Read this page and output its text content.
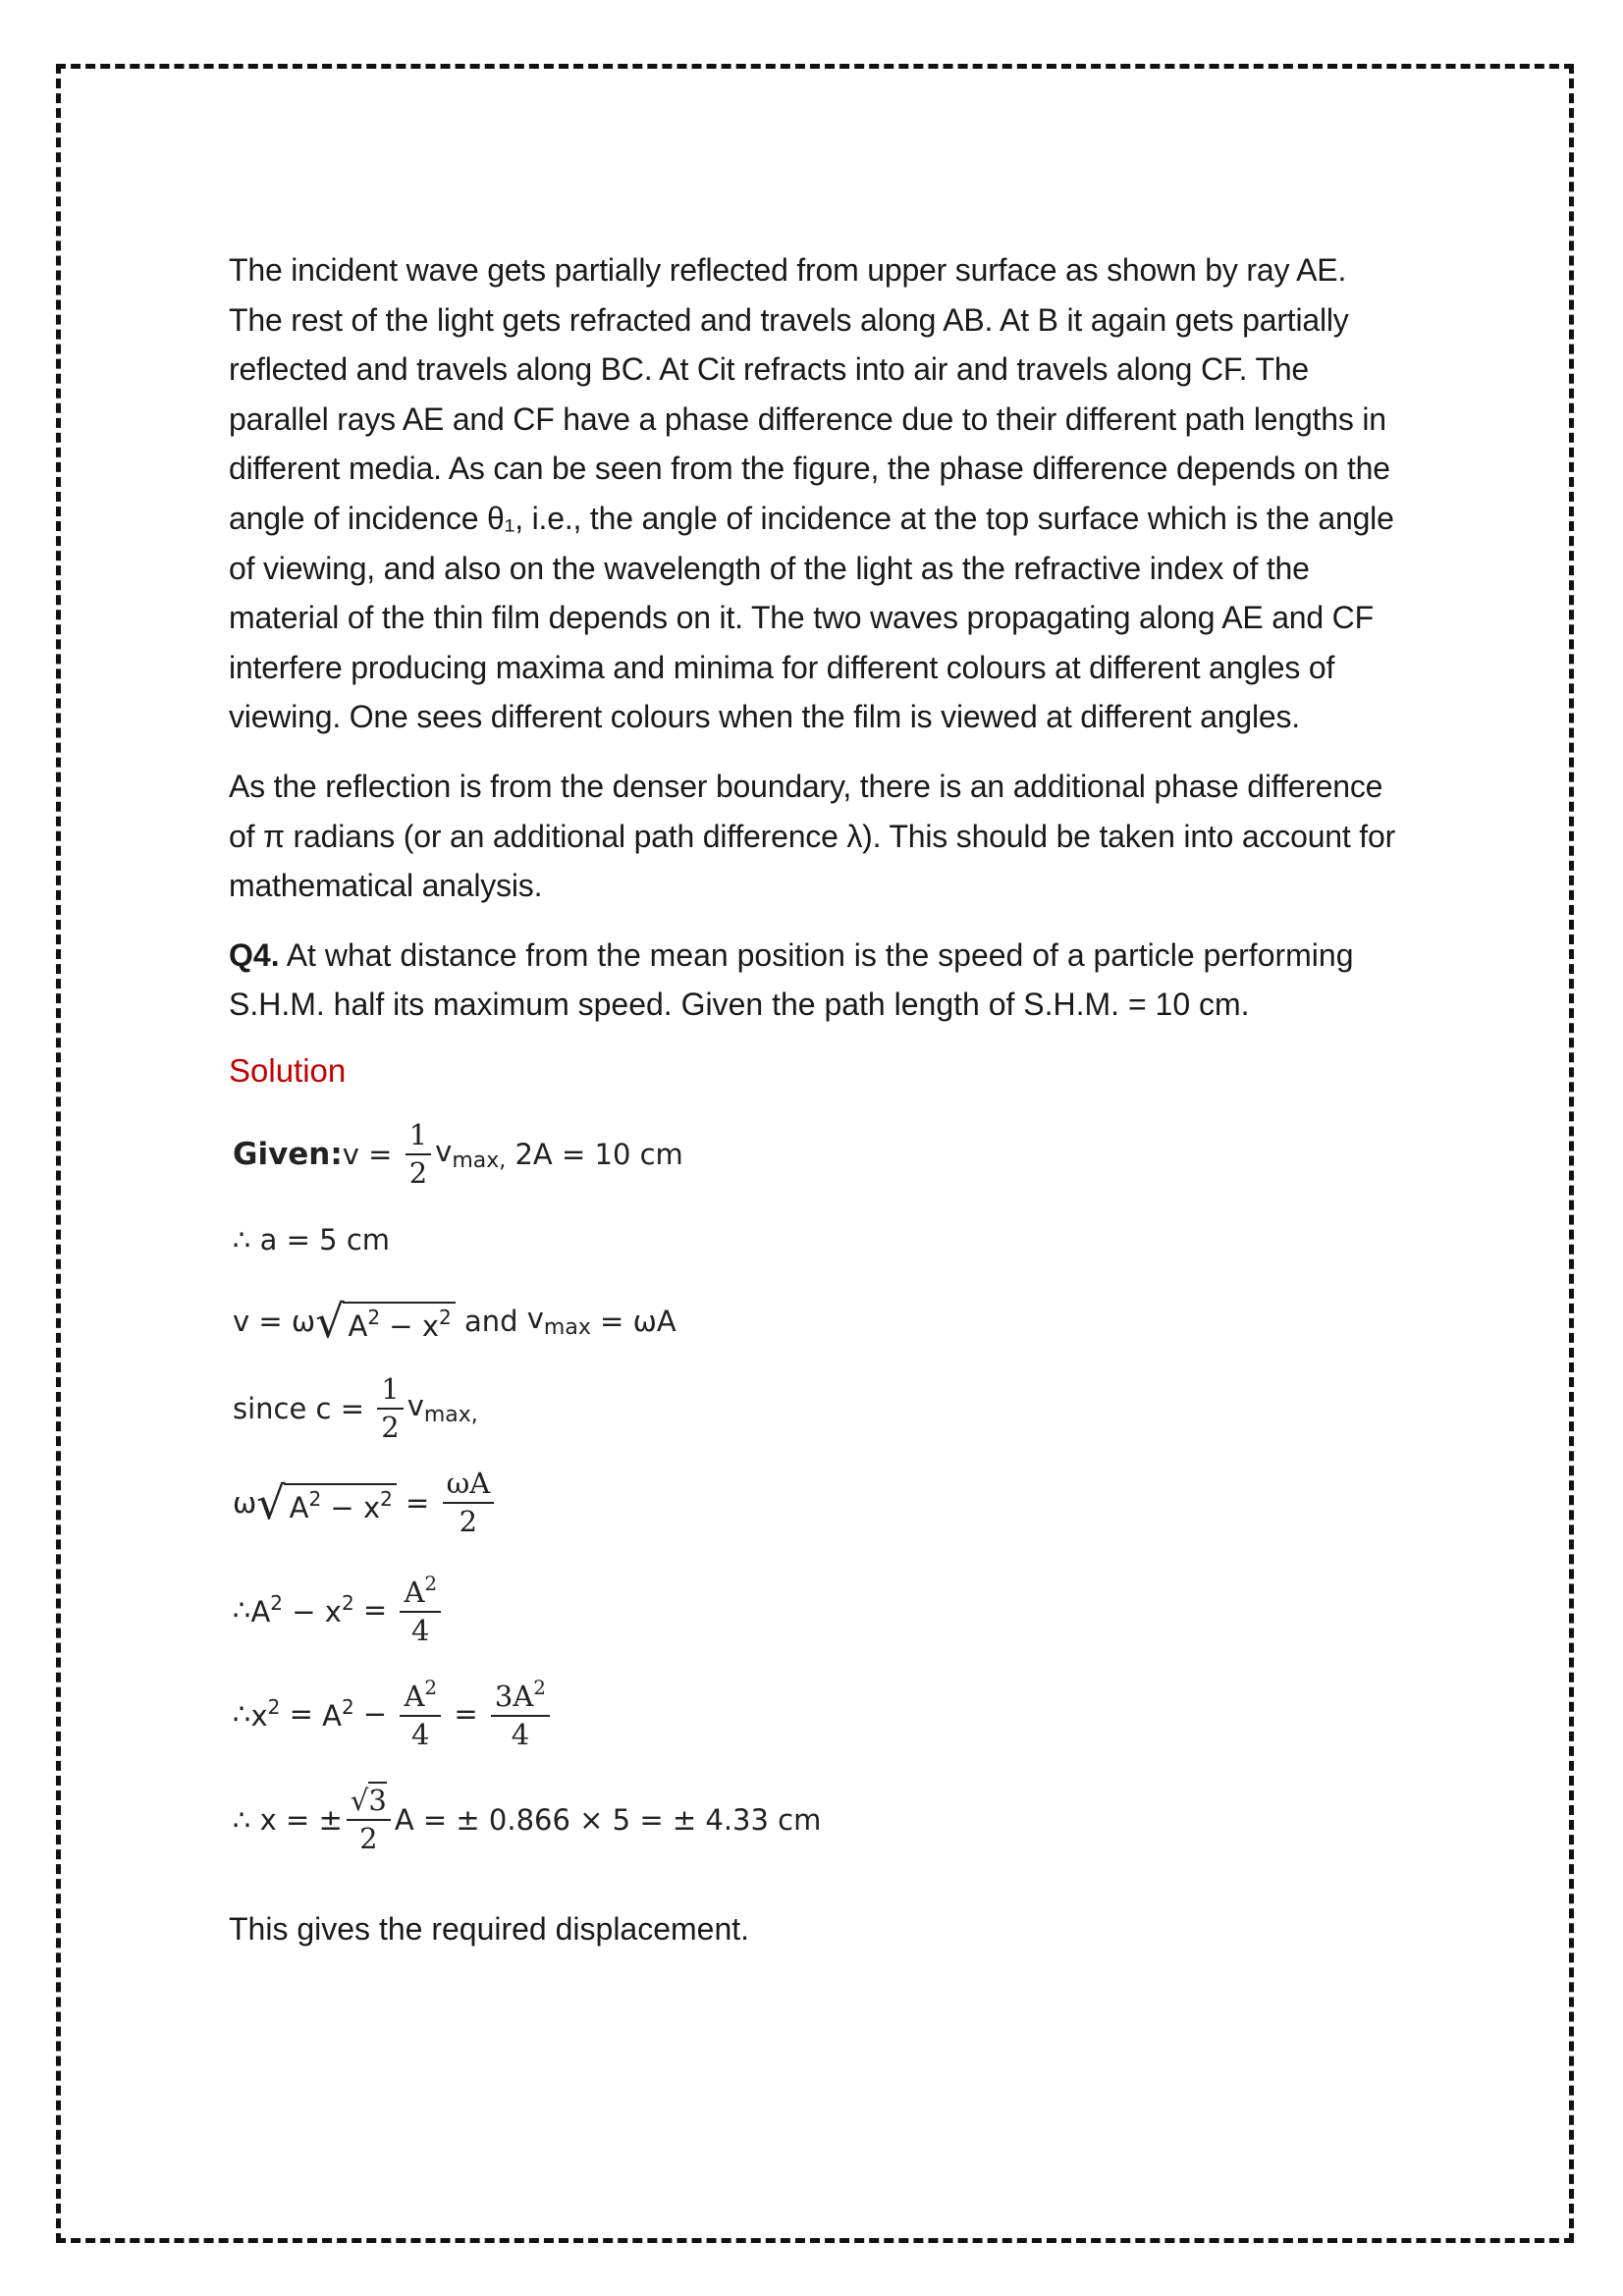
The incident wave gets partially reflected from upper surface as shown by ray AE. The rest of the light gets refracted and travels along AB. At B it again gets partially reflected and travels along BC. At Cit refracts into air and travels along CF. The parallel rays AE and CF have a phase difference due to their different path lengths in different media. As can be seen from the figure, the phase difference depends on the angle of incidence θ₁, i.e., the angle of incidence at the top surface which is the angle of viewing, and also on the wavelength of the light as the refractive index of the material of the thin film depends on it. The two waves propagating along AE and CF interfere producing maxima and minima for different colours at different angles of viewing. One sees different colours when the film is viewed at different angles.

As the reflection is from the denser boundary, there is an additional phase difference of π radians (or an additional path difference λ). This should be taken into account for mathematical analysis.

Q4. At what distance from the mean position is the speed of a particle performing S.H.M. half its maximum speed. Given the path length of S.H.M. = 10 cm.

Solution
Given: $v = \frac{1}{2} v_{max,}$ 2A = 10 cm
∴ a = 5 cm
v = ω √ $A^2 - x^2$ and $v_{max} = \omega A$
since $c = \frac{1}{2} v_{max,}$
ω √ $A^2 - x^2 = \frac{\omega A}{2}$
∴ $A^2 - x^2 = \frac{A^2}{4}$
∴ $x^2 = A^2 - \frac{A^2}{4} = \frac{3A^2}{4}$
∴ x = ± $\frac{√3}{2}$ A = ± 0.866 × 5 = ± 4.33 cm
This gives the required displacement.
